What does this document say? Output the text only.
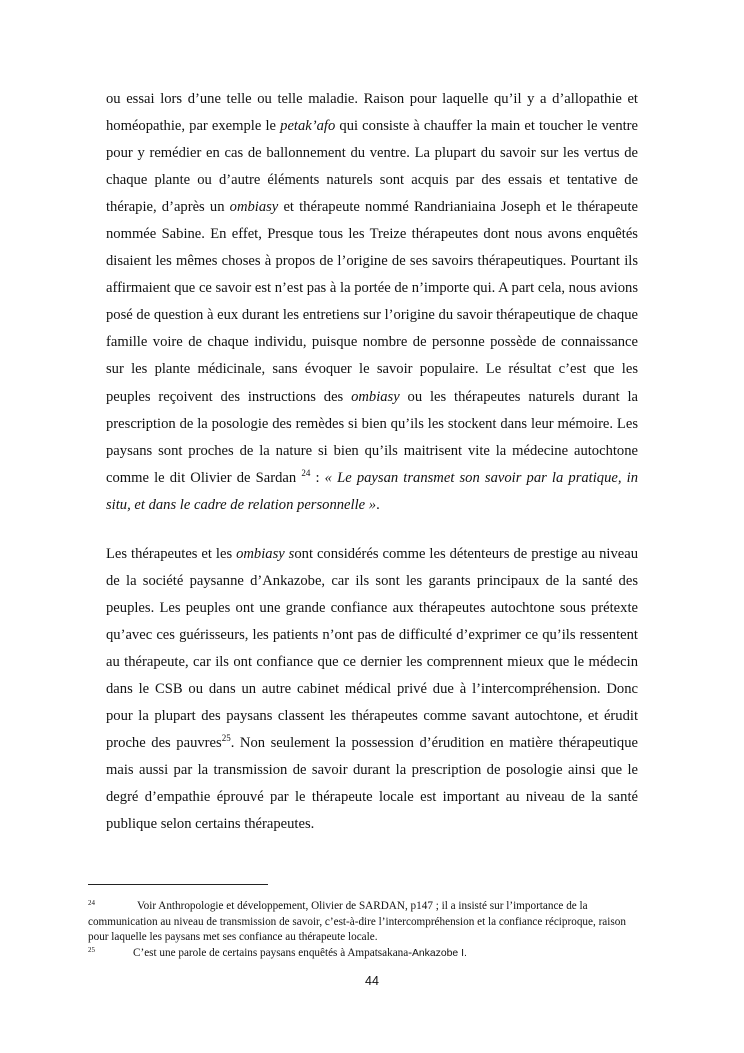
ou essai lors d’une telle ou telle maladie. Raison pour laquelle qu’il y a d’allopathie et homéopathie, par exemple le petak’afo qui consiste à chauffer la main et toucher le ventre pour y remédier en cas de ballonnement du ventre. La plupart du savoir sur les vertus de chaque plante ou d’autre éléments naturels sont acquis par des essais et tentative de thérapie, d’après un ombiasy et thérapeute nommé Randrianiaina Joseph et le thérapeute nommée Sabine. En effet, Presque tous les Treize thérapeutes dont nous avons enquêtés disaient les mêmes choses à propos de l’origine de ses savoirs thérapeutiques. Pourtant ils affirmaient que ce savoir est n’est pas à la portée de n’importe qui. A part cela, nous avions posé de question à eux durant les entretiens sur l’origine du savoir thérapeutique de chaque famille voire de chaque individu, puisque nombre de personne possède de connaissance sur les plante médicinale, sans évoquer le savoir populaire. Le résultat c’est que les peuples reçoivent des instructions des ombiasy ou les thérapeutes naturels durant la prescription de la posologie des remèdes si bien qu’ils les stockent dans leur mémoire. Les paysans sont proches de la nature si bien qu’ils maitrisent vite la médecine autochtone comme le dit Olivier de Sardan $^{24}$ : « Le paysan transmet son savoir par la pratique, in situ, et dans le cadre de relation personnelle ».

Les thérapeutes et les ombiasy sont considérés comme les détenteurs de prestige au niveau de la société paysanne d’Ankazobe, car ils sont les garants principaux de la santé des peuples. Les peuples ont une grande confiance aux thérapeutes autochtone sous prétexte qu’avec ces guérisseurs, les patients n’ont pas de difficulté d’exprimer ce qu’ils ressentent au thérapeute, car ils ont confiance que ce dernier les comprennent mieux que le médecin dans le CSB ou dans un autre cabinet médical privé due à l’intercompréhension. Donc pour la plupart des paysans classent les thérapeutes comme savant autochtone, et érudit proche des pauvres$^{25}$. Non seulement la possession d’érudition en matière thérapeutique mais aussi par la transmission de savoir durant la prescription de posologie ainsi que le degré d’empathie éprouvé par le thérapeute locale est important au niveau de la santé publique selon certains thérapeutes.

$^{24}$	Voir Anthropologie et développement, Olivier de SARDAN, p147 ; il a insisté sur l’importance de la communication au niveau de transmission de savoir, c’est-à-dire l’intercompréhension et la confiance réciproque, raison pour laquelle les paysans met ses confiance au thérapeute locale.

$^{25}$	C’est une parole de certains paysans enquêtés à Ampatsakana-Ankazobe I.

44
